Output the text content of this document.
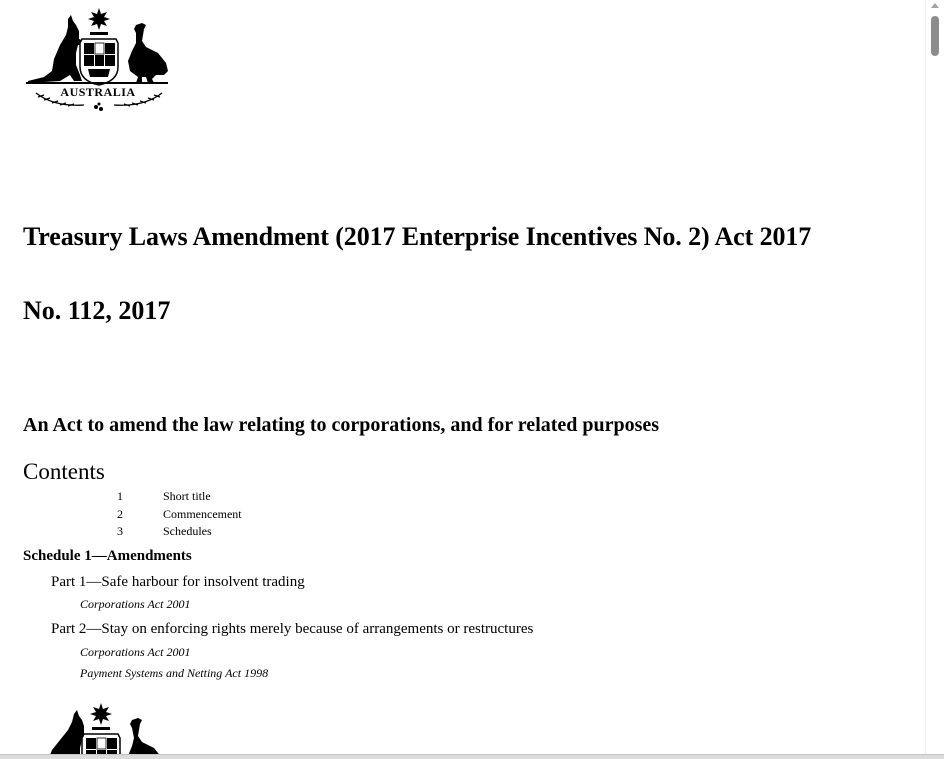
AUSTRALIA
Treasury Laws Amendment (2017 Enterprise Incentives No. 2) Act 2017
No. 112, 2017
An Act to amend the law relating to corporations, and for related purposes
Contents
1	Short title
2	Commencement
3	Schedules
Schedule 1—Amendments
Part 1—Safe harbour for insolvent trading
Corporations Act 2001
Part 2—Stay on enforcing rights merely because of arrangements or restructures
Corporations Act 2001
Payment Systems and Netting Act 1998
